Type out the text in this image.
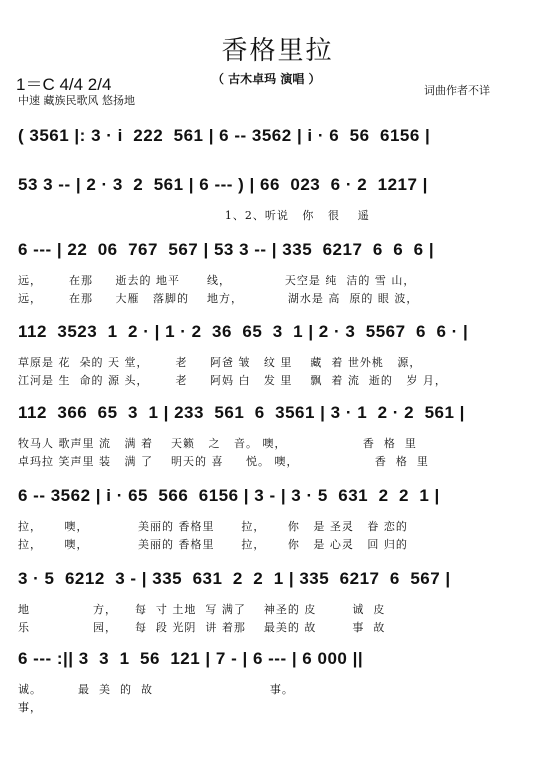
香格里拉
1＝C 4/4 2/4	（ 古木卓玛 演唱 ）
词曲作者不详
中速 藏族民歌风 悠扬地
( 3561 |: 3 · i  222  561 | 6 -- 3562 | i · 6  56  6156 |
53 3 -- | 2 · 3  2  561 | 6 --- ) | 66  023  6 · 2  1217 |
1、2、听说   你   很    遥
6 --- | 22  06  767  567 | 53 3 -- | 335  6217  6  6  6 |
远，      在那     逝去的 地平      线，            天空是 纯  洁的 雪 山，
远，      在那     大雁   落脚的    地方，          湖水是 高  原的 眼 波，
112  3523  1  2 · | 1 · 2  36  65  3  1 | 2 · 3  5567  6  6 · |
草原是 花  朵的 天 堂，      老     阿爸 皱   纹 里    藏  着 世外桃   源，
江河是 生  命的 源 头，      老     阿妈 白   发 里    飘  着 流  逝的   岁 月，
112  366  65  3  1 | 233  561  6  3561 | 3 · 1  2 · 2  561 |
牧马人 歌声里 流   满 着    天籁   之   音。 噢，                 香  格  里
卓玛拉 笑声里 装   满 了    明天的 喜     悦。 噢，                 香  格  里
6 -- 3562 | i · 65  566  6156 | 3 - | 3 · 5  631  2  2  1 |
拉，     噢，           美丽的 香格里      拉，     你   是 圣灵   眷 恋的
拉，     噢，           美丽的 香格里      拉，     你   是 心灵   回 归的
3 · 5  6212  3 - | 335  631  2  2  1 | 335  6217  6  567 |
地              方，    每  寸 土地  写 满了    神圣的 皮        诚  皮
乐              园，    每  段 光阴  讲 着那    最美的 故        事  故
6 --- :|| 3  3  1  56  121 | 7 - | 6 --- | 6 000 ||
诚。        最  美  的  故                          事。
事，
